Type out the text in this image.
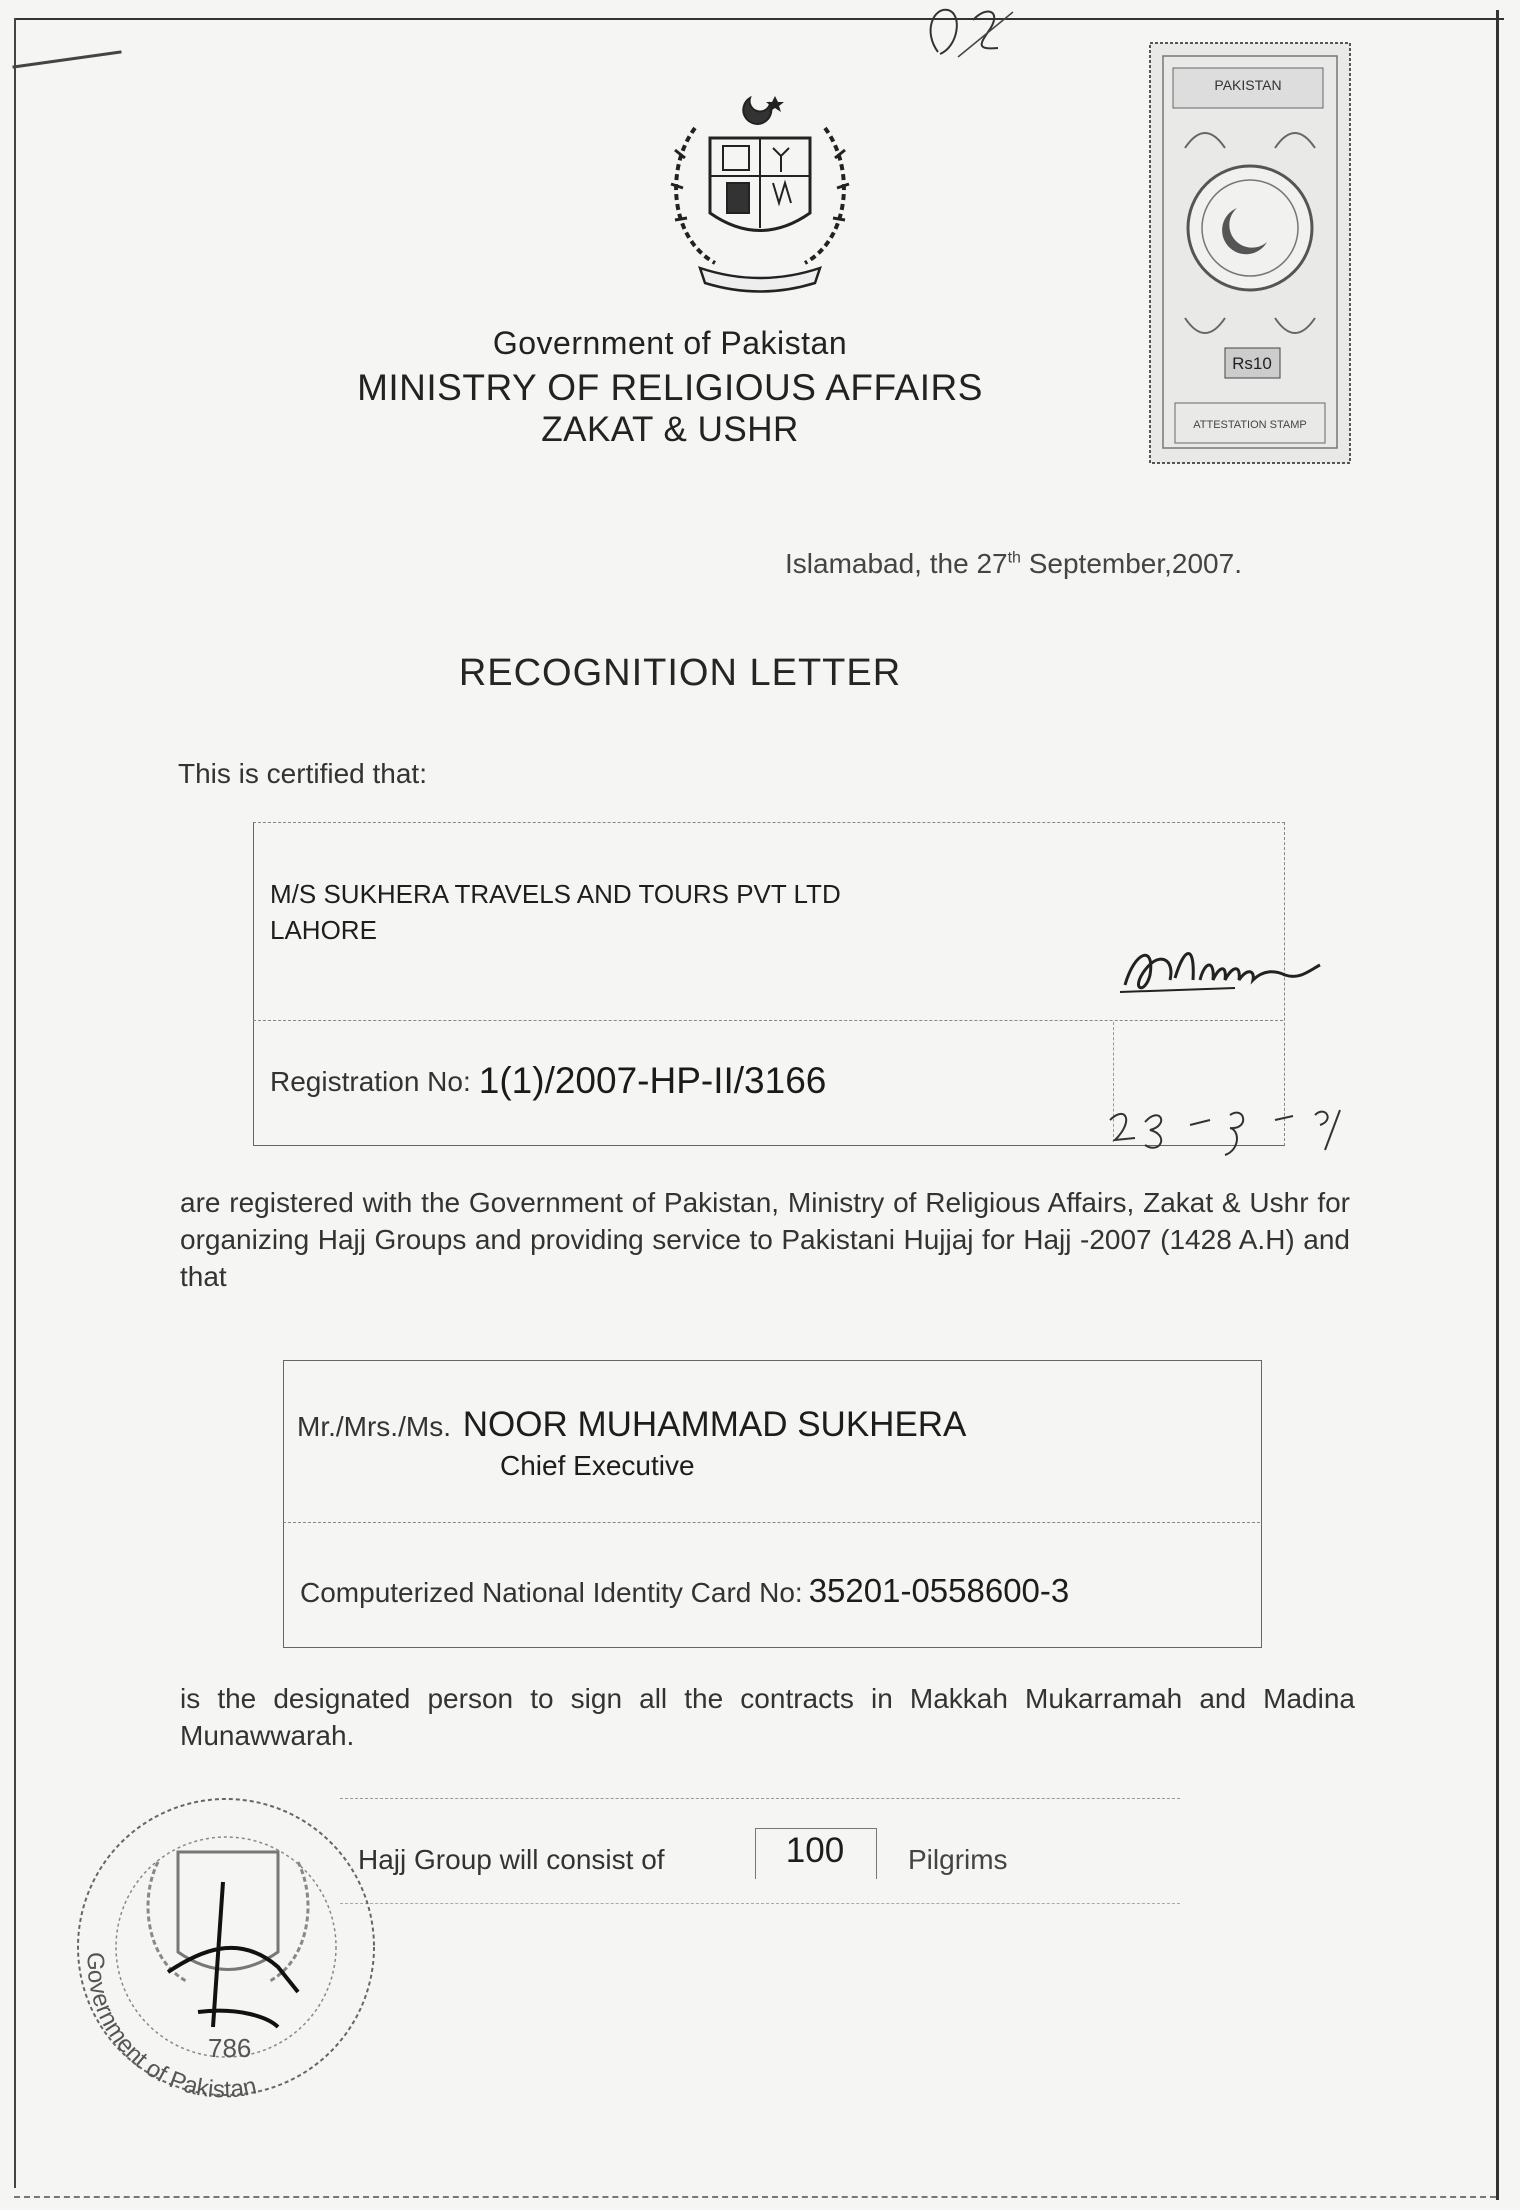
PAKISTAN
Rs10
ATTESTATION STAMP
Government of Pakistan
MINISTRY OF RELIGIOUS AFFAIRS
ZAKAT & USHR
Islamabad, the 27th September,2007.
RECOGNITION LETTER
This is certified that:
M/S SUKHERA TRAVELS AND TOURS PVT LTD
LAHORE
Registration No: 1(1)/2007-HP-II/3166
are registered with the Government of Pakistan, Ministry of Religious Affairs, Zakat & Ushr for organizing Hajj Groups and providing service to Pakistani Hujjaj for Hajj -2007 (1428 A.H) and that
Mr./Mrs./Ms. NOOR MUHAMMAD SUKHERA
Chief Executive
Computerized National Identity Card No: 35201-0558600-3
is the designated person to sign all the contracts in Makkah Mukarramah and Madina Munawwarah.
Hajj Group will consist of	100	Pilgrims
Government of Pakistan
786
